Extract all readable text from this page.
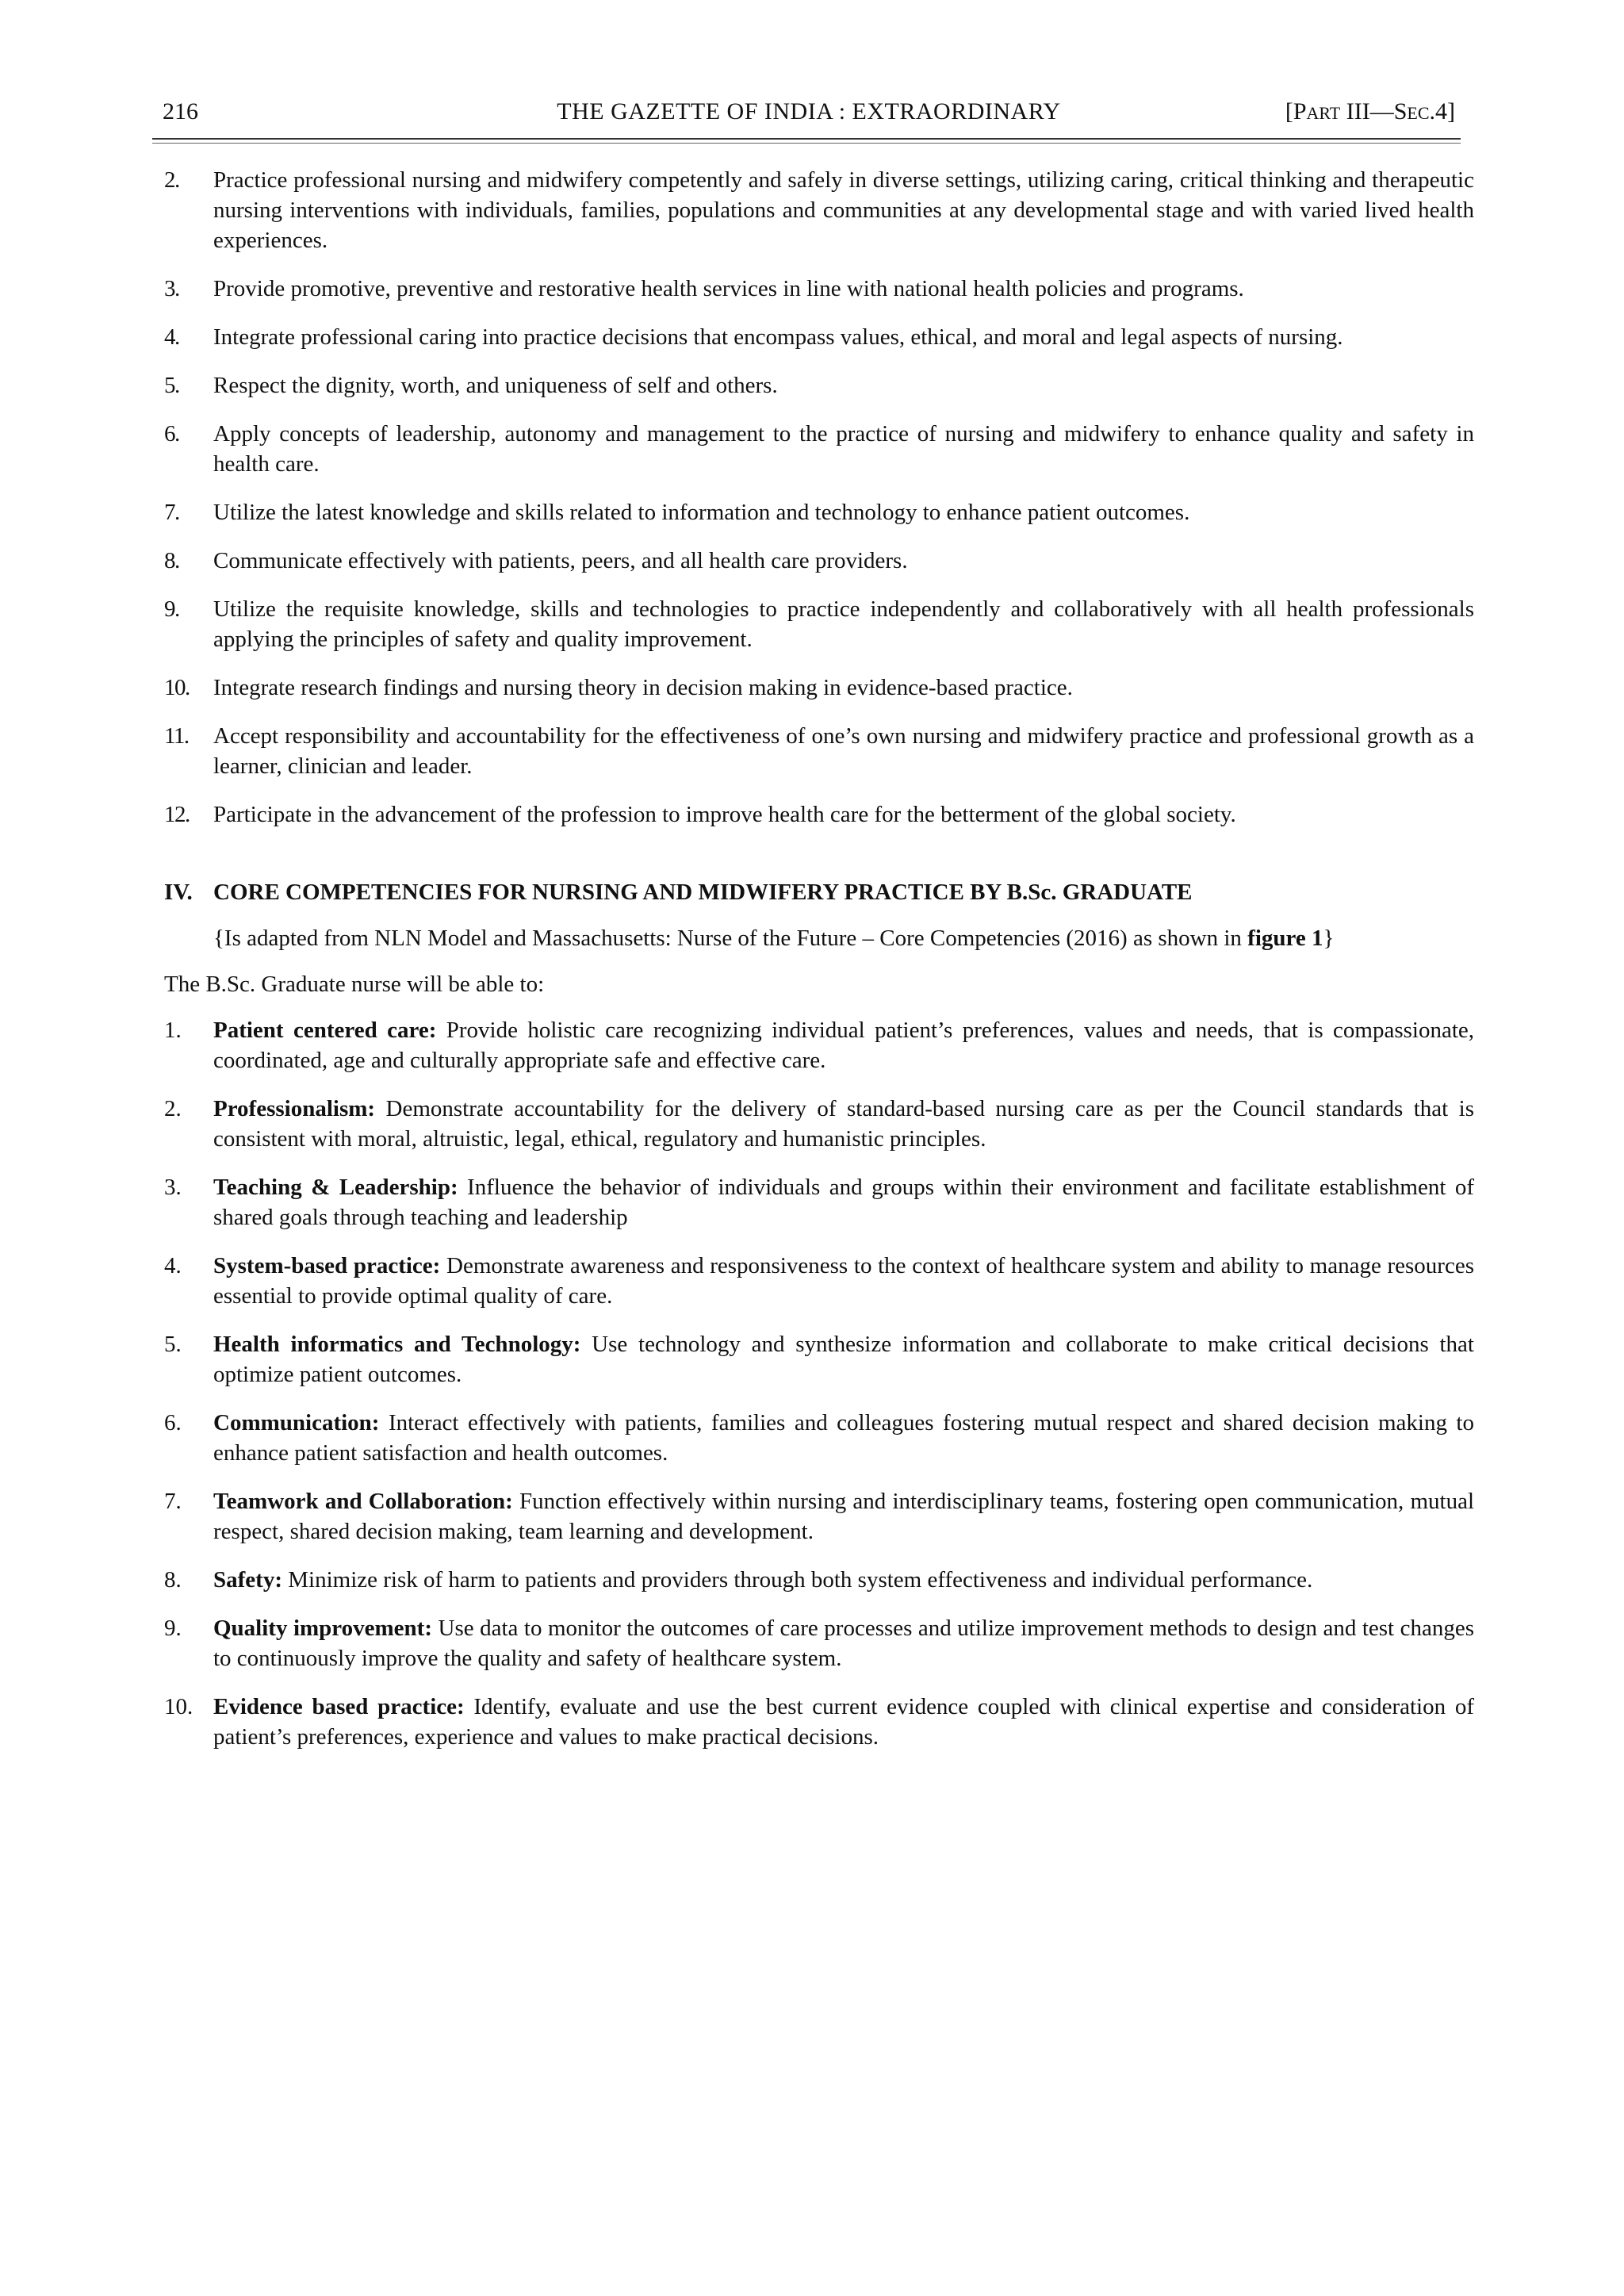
216	THE GAZETTE OF INDIA : EXTRAORDINARY	[PART III—SEC.4]
2. Practice professional nursing and midwifery competently and safely in diverse settings, utilizing caring, critical thinking and therapeutic nursing interventions with individuals, families, populations and communities at any developmental stage and with varied lived health experiences.
3. Provide promotive, preventive and restorative health services in line with national health policies and programs.
4. Integrate professional caring into practice decisions that encompass values, ethical, and moral and legal aspects of nursing.
5. Respect the dignity, worth, and uniqueness of self and others.
6. Apply concepts of leadership, autonomy and management to the practice of nursing and midwifery to enhance quality and safety in health care.
7. Utilize the latest knowledge and skills related to information and technology to enhance patient outcomes.
8. Communicate effectively with patients, peers, and all health care providers.
9. Utilize the requisite knowledge, skills and technologies to practice independently and collaboratively with all health professionals applying the principles of safety and quality improvement.
10. Integrate research findings and nursing theory in decision making in evidence-based practice.
11. Accept responsibility and accountability for the effectiveness of one’s own nursing and midwifery practice and professional growth as a learner, clinician and leader.
12. Participate in the advancement of the profession to improve health care for the betterment of the global society.
IV. CORE COMPETENCIES FOR NURSING AND MIDWIFERY PRACTICE BY B.Sc. GRADUATE
{Is adapted from NLN Model and Massachusetts: Nurse of the Future – Core Competencies (2016) as shown in figure 1}
The B.Sc. Graduate nurse will be able to:
1. Patient centered care: Provide holistic care recognizing individual patient’s preferences, values and needs, that is compassionate, coordinated, age and culturally appropriate safe and effective care.
2. Professionalism: Demonstrate accountability for the delivery of standard-based nursing care as per the Council standards that is consistent with moral, altruistic, legal, ethical, regulatory and humanistic principles.
3. Teaching & Leadership: Influence the behavior of individuals and groups within their environment and facilitate establishment of shared goals through teaching and leadership
4. System-based practice: Demonstrate awareness and responsiveness to the context of healthcare system and ability to manage resources essential to provide optimal quality of care.
5. Health informatics and Technology: Use technology and synthesize information and collaborate to make critical decisions that optimize patient outcomes.
6. Communication: Interact effectively with patients, families and colleagues fostering mutual respect and shared decision making to enhance patient satisfaction and health outcomes.
7. Teamwork and Collaboration: Function effectively within nursing and interdisciplinary teams, fostering open communication, mutual respect, shared decision making, team learning and development.
8. Safety: Minimize risk of harm to patients and providers through both system effectiveness and individual performance.
9. Quality improvement: Use data to monitor the outcomes of care processes and utilize improvement methods to design and test changes to continuously improve the quality and safety of healthcare system.
10. Evidence based practice: Identify, evaluate and use the best current evidence coupled with clinical expertise and consideration of patient’s preferences, experience and values to make practical decisions.
